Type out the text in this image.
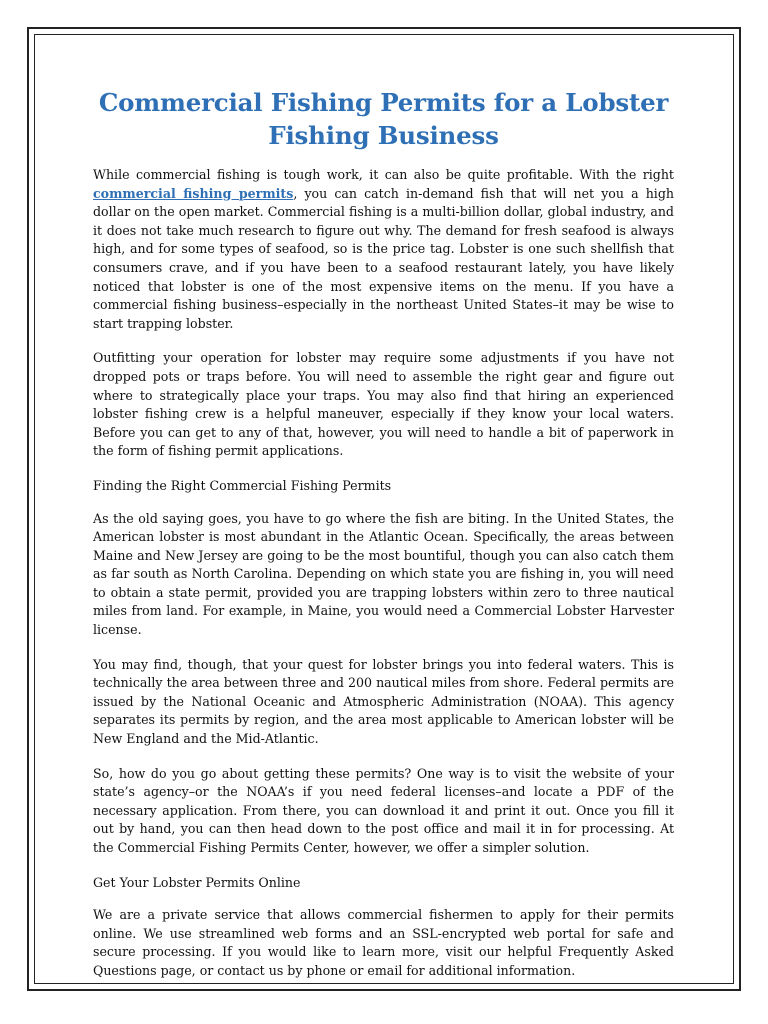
Commercial Fishing Permits for a Lobster Fishing Business

While commercial fishing is tough work, it can also be quite profitable. With the right commercial fishing permits, you can catch in-demand fish that will net you a high dollar on the open market. Commercial fishing is a multi-billion dollar, global industry, and it does not take much research to figure out why. The demand for fresh seafood is always high, and for some types of seafood, so is the price tag. Lobster is one such shellfish that consumers crave, and if you have been to a seafood restaurant lately, you have likely noticed that lobster is one of the most expensive items on the menu. If you have a commercial fishing business–especially in the northeast United States–it may be wise to start trapping lobster.

Outfitting your operation for lobster may require some adjustments if you have not dropped pots or traps before. You will need to assemble the right gear and figure out where to strategically place your traps. You may also find that hiring an experienced lobster fishing crew is a helpful maneuver, especially if they know your local waters. Before you can get to any of that, however, you will need to handle a bit of paperwork in the form of fishing permit applications.

Finding the Right Commercial Fishing Permits

As the old saying goes, you have to go where the fish are biting. In the United States, the American lobster is most abundant in the Atlantic Ocean. Specifically, the areas between Maine and New Jersey are going to be the most bountiful, though you can also catch them as far south as North Carolina. Depending on which state you are fishing in, you will need to obtain a state permit, provided you are trapping lobsters within zero to three nautical miles from land. For example, in Maine, you would need a Commercial Lobster Harvester license.

You may find, though, that your quest for lobster brings you into federal waters. This is technically the area between three and 200 nautical miles from shore. Federal permits are issued by the National Oceanic and Atmospheric Administration (NOAA). This agency separates its permits by region, and the area most applicable to American lobster will be New England and the Mid-Atlantic.

So, how do you go about getting these permits? One way is to visit the website of your state’s agency–or the NOAA’s if you need federal licenses–and locate a PDF of the necessary application. From there, you can download it and print it out. Once you fill it out by hand, you can then head down to the post office and mail it in for processing. At the Commercial Fishing Permits Center, however, we offer a simpler solution.

Get Your Lobster Permits Online

We are a private service that allows commercial fishermen to apply for their permits online. We use streamlined web forms and an SSL-encrypted web portal for safe and secure processing. If you would like to learn more, visit our helpful Frequently Asked Questions page, or contact us by phone or email for additional information.
